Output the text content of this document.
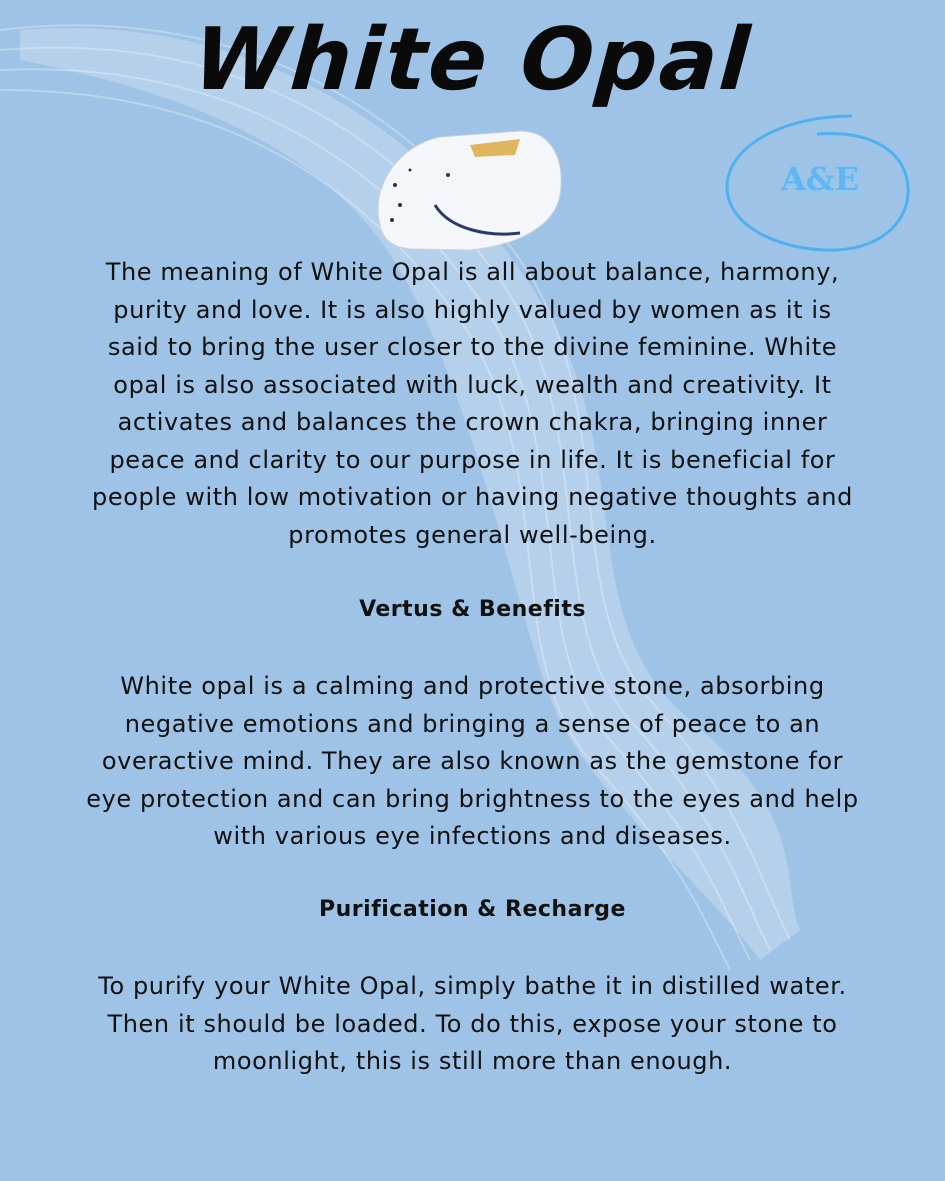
White Opal
A&E
The meaning of White Opal is all about balance, harmony,
purity and love. It is also highly valued by women as it is
said to bring the user closer to the divine feminine. White
opal is also associated with luck, wealth and creativity. It
activates and balances the crown chakra, bringing inner
peace and clarity to our purpose in life. It is beneficial for
people with low motivation or having negative thoughts and
promotes general well-being.
Vertus & Benefits
White opal is a calming and protective stone, absorbing
negative emotions and bringing a sense of peace to an
overactive mind. They are also known as the gemstone for
eye protection and can bring brightness to the eyes and help
with various eye infections and diseases.
Purification & Recharge
To purify your White Opal, simply bathe it in distilled water.
Then it should be loaded. To do this, expose your stone to
moonlight, this is still more than enough.
